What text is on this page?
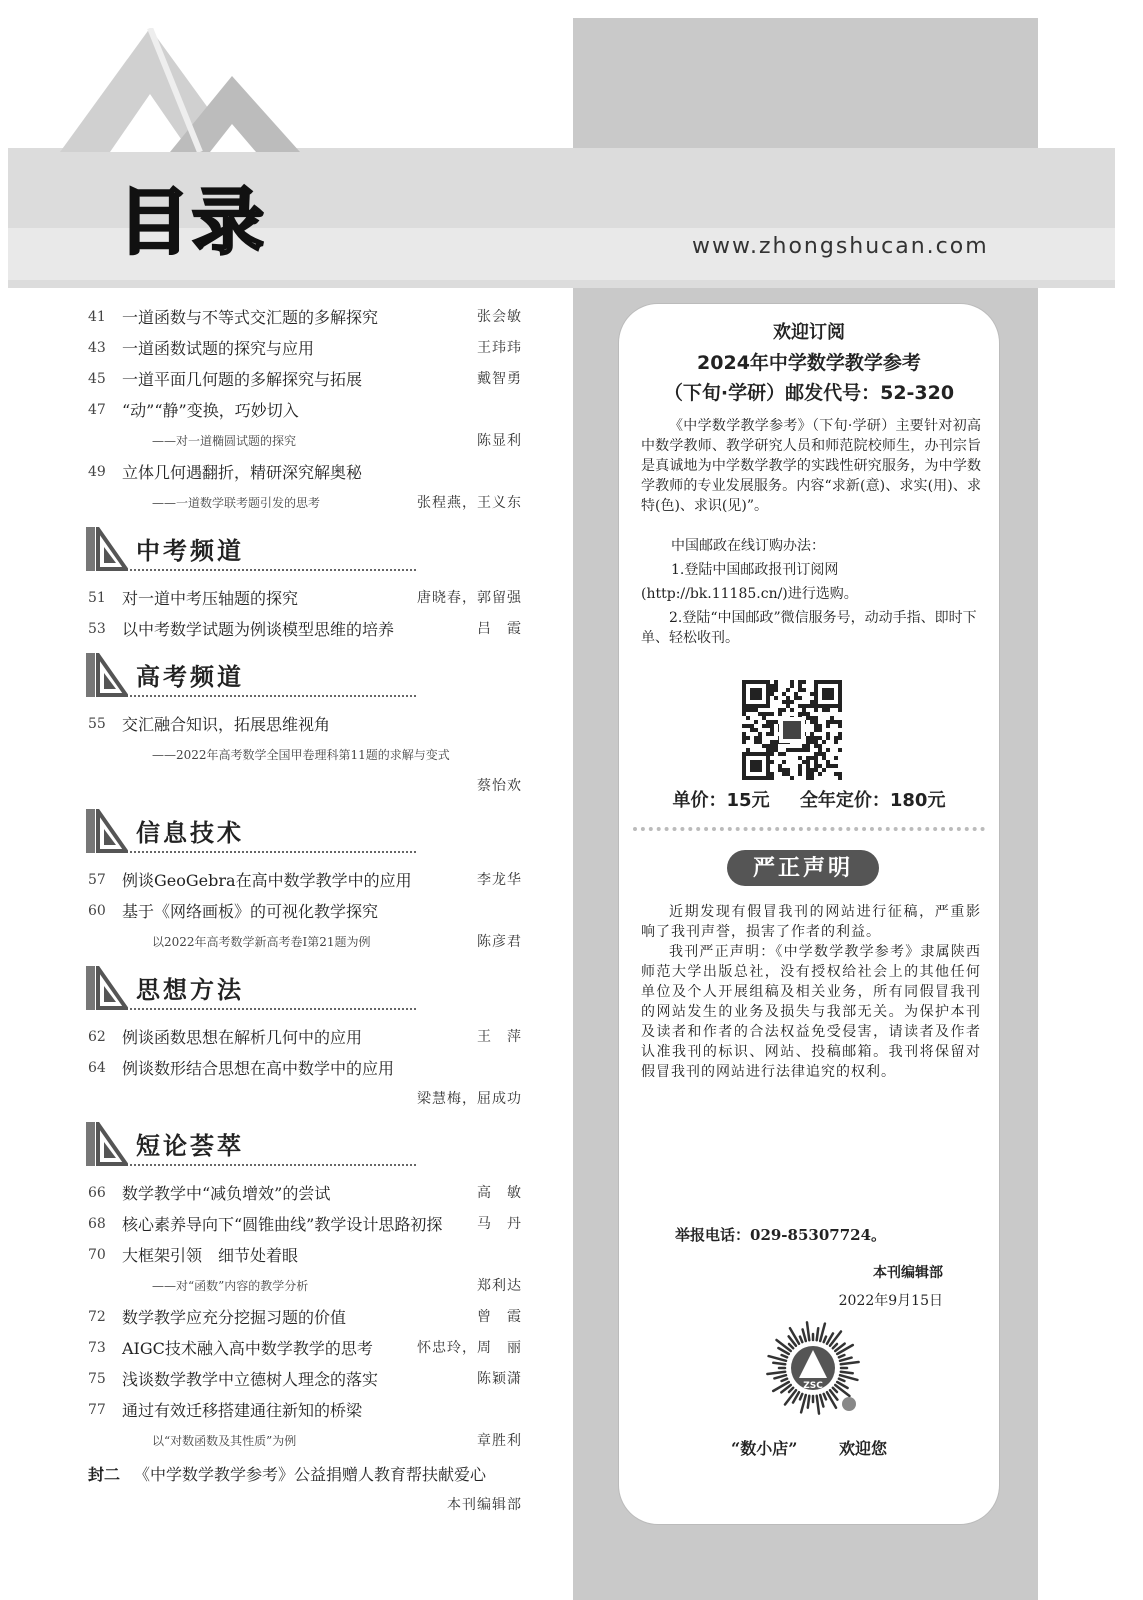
目录	www.zhongshucan.com
41	一道函数与不等式交汇题的多解探究	张会敏
43	一道函数试题的探究与应用	王玮玮
45	一道平面几何题的多解探究与拓展	戴智勇
47	“动”“静”变换，巧妙切入
——对一道椭圆试题的探究	陈显利
49	立体几何遇翻折，精研深究解奥秘
——一道数学联考题引发的思考	张程燕，王义东
中考频道
51	对一道中考压轴题的探究	唐晓春，郭留强
53	以中考数学试题为例谈模型思维的培养	吕　霞
高考频道
55	交汇融合知识，拓展思维视角
——2022年高考数学全国甲卷理科第11题的求解与变式
蔡怡欢
信息技术
57	例谈GeoGebra在高中数学教学中的应用	李龙华
60	基于《网络画板》的可视化教学探究
以2022年高考数学新高考卷Ⅰ第21题为例	陈彦君
思想方法
62	例谈函数思想在解析几何中的应用	王　萍
64	例谈数形结合思想在高中数学中的应用
梁慧梅，屈成功
短论荟萃
66	数学教学中“减负增效”的尝试	高　敏
68	核心素养导向下“圆锥曲线”教学设计思路初探 马　丹
70	大框架引领　细节处着眼
——对“函数”内容的教学分析	郑利达
72	数学教学应充分挖掘习题的价值	曾　霞
73	AIGC技术融入高中数学教学的思考	怀忠玲，周　丽
75	浅谈数学教学中立德树人理念的落实	陈颖潇
77	通过有效迁移搭建通往新知的桥梁
以“对数函数及其性质”为例	章胜利
封二 《中学数学教学参考》公益捐赠人教育帮扶献爱心
本刊编辑部
欢迎订阅
2024年中学数学教学参考
（下旬·学研）邮发代号：52-320
《中学数学教学参考》（下旬·学研）主要针对初高中数学教师、教学研究人员和师范院校师生，办刊宗旨是真诚地为中学数学教学的实践性研究服务，为中学数学教师的专业发展服务。内容“求新(意)、求实(用)、求特(色)、求识(见)”。
中国邮政在线订购办法：
1.登陆中国邮政报刊订阅网
(http://bk.11185.cn/)进行选购。
2.登陆“中国邮政”微信服务号，动动手指、即时下单、轻松收刊。
单价：15元 全年定价：180元
严正声明
近期发现有假冒我刊的网站进行征稿，严重影响了我刊声誉，损害了作者的利益。
我刊严正声明：《中学数学教学参考》隶属陕西师范大学出版总社，没有授权给社会上的其他任何单位及个人开展组稿及相关业务，所有同假冒我刊的网站发生的业务及损失与我部无关。为保护本刊及读者和作者的合法权益免受侵害，请读者及作者认准我刊的标识、网站、投稿邮箱。我刊将保留对假冒我刊的网站进行法律追究的权利。
举报电话：029-85307724。
本刊编辑部
2022年9月15日
ZSC
“数小店”	欢迎您
